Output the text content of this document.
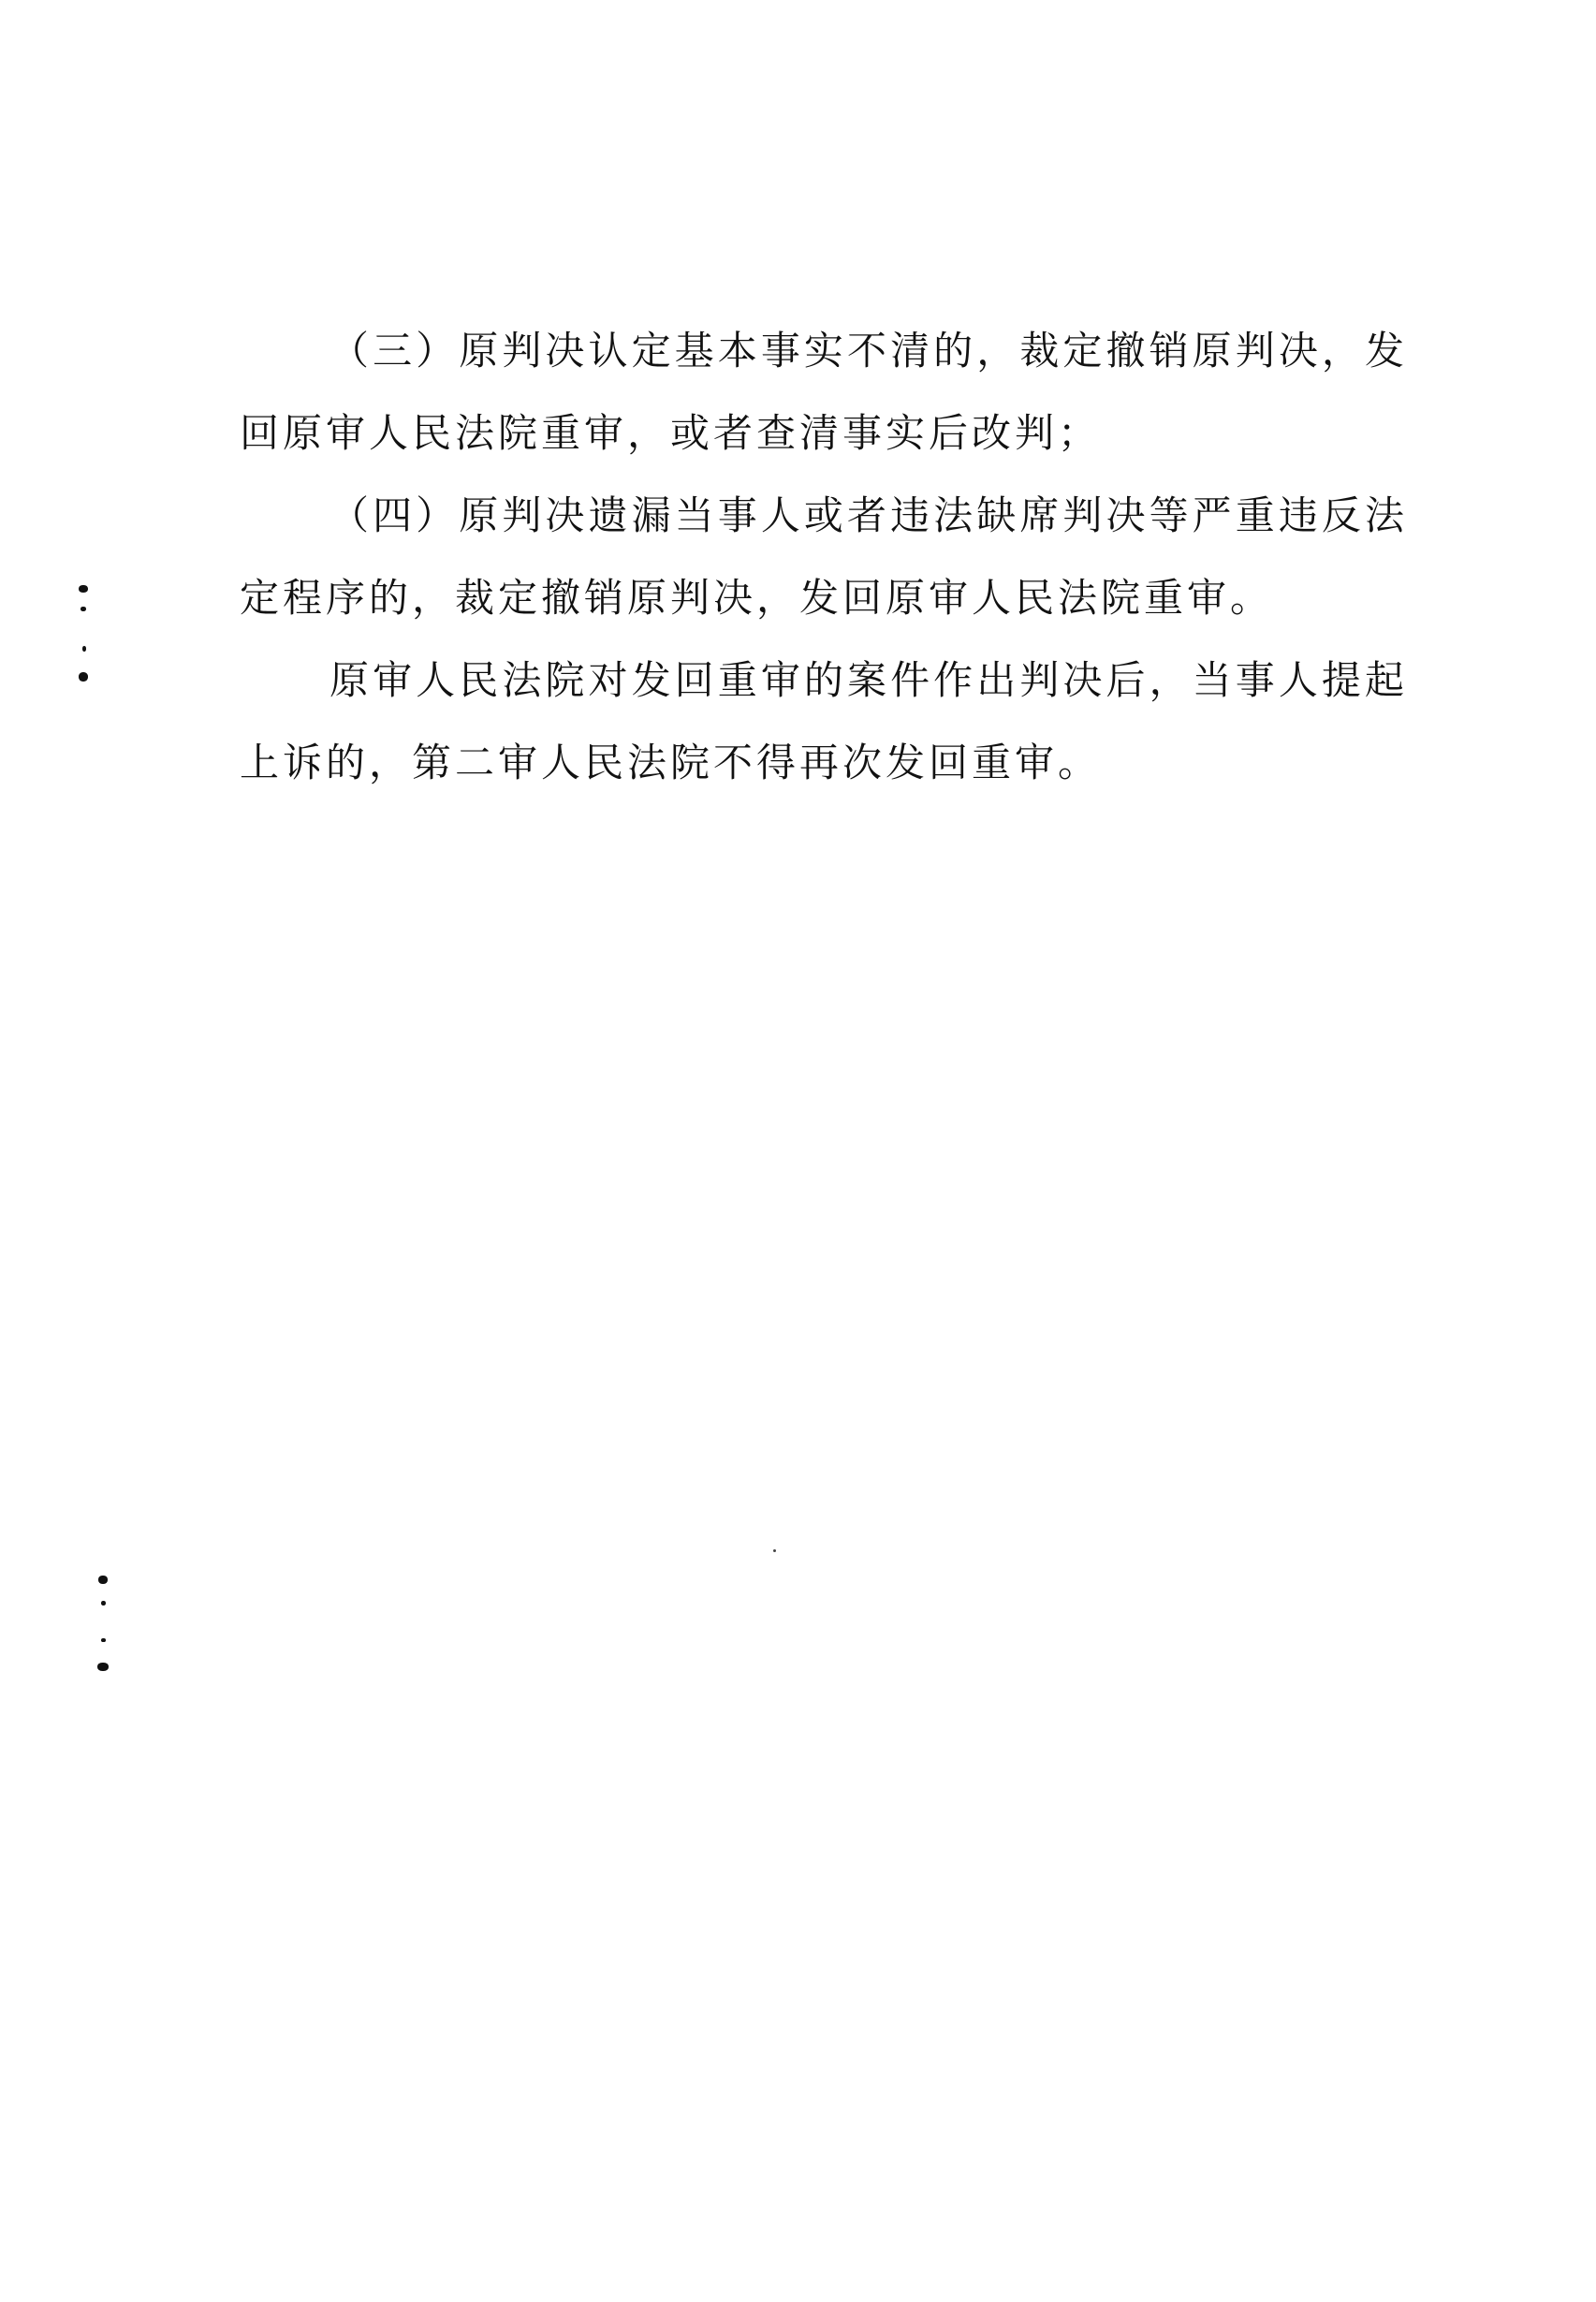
（三）原判决认定基本事实不清的，裁定撤销原判决，发回原审人民法院重审，或者查清事实后改判；

（四）原判决遗漏当事人或者违法缺席判决等严重违反法定程序的，裁定撤销原判决，发回原审人民法院重审。

原审人民法院对发回重审的案件作出判决后，当事人提起上诉的，第二审人民法院不得再次发回重审。
